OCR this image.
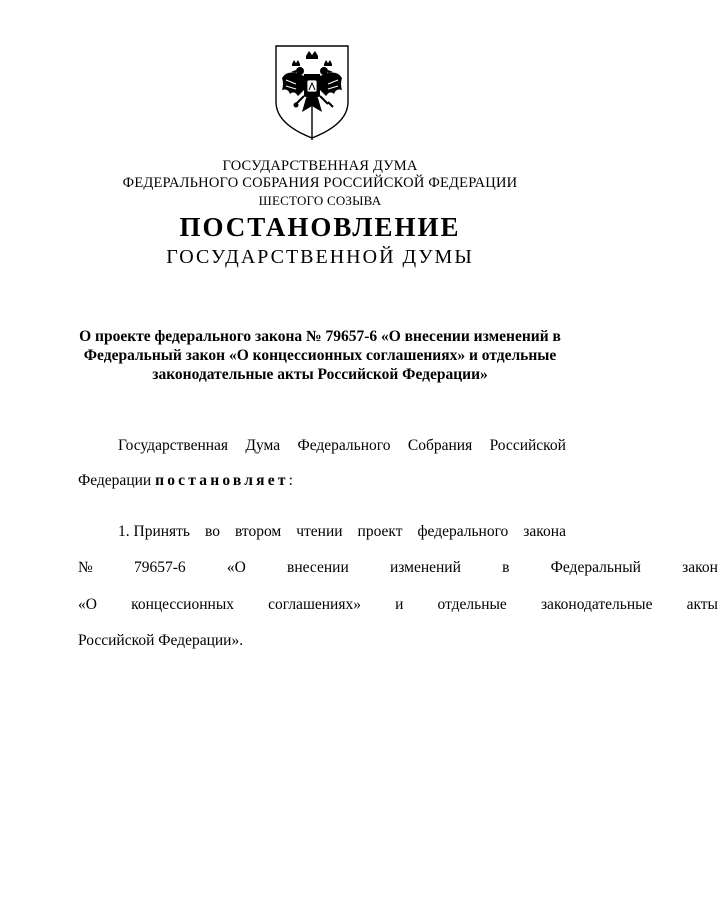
ГОСУДАРСТВЕННАЯ ДУМА
ФЕДЕРАЛЬНОГО СОБРАНИЯ РОССИЙСКОЙ ФЕДЕРАЦИИ
ШЕСТОГО СОЗЫВА
ПОСТАНОВЛЕНИЕ
ГОСУДАРСТВЕННОЙ ДУМЫ
О проекте федерального закона № 79657-6 «О внесении изменений в
Федеральный закон «О концессионных соглашениях» и отдельные
законодательные акты Российской Федерации»
Государственная Дума Федерального Собрания Российской
Федерации постановляет:
1. Принять во втором чтении проект федерального закона
№	79657-6	«О	внесении	изменений	в	Федеральный	закон
«О концессионных соглашениях» и отдельные законодательные акты
Российской Федерации».
